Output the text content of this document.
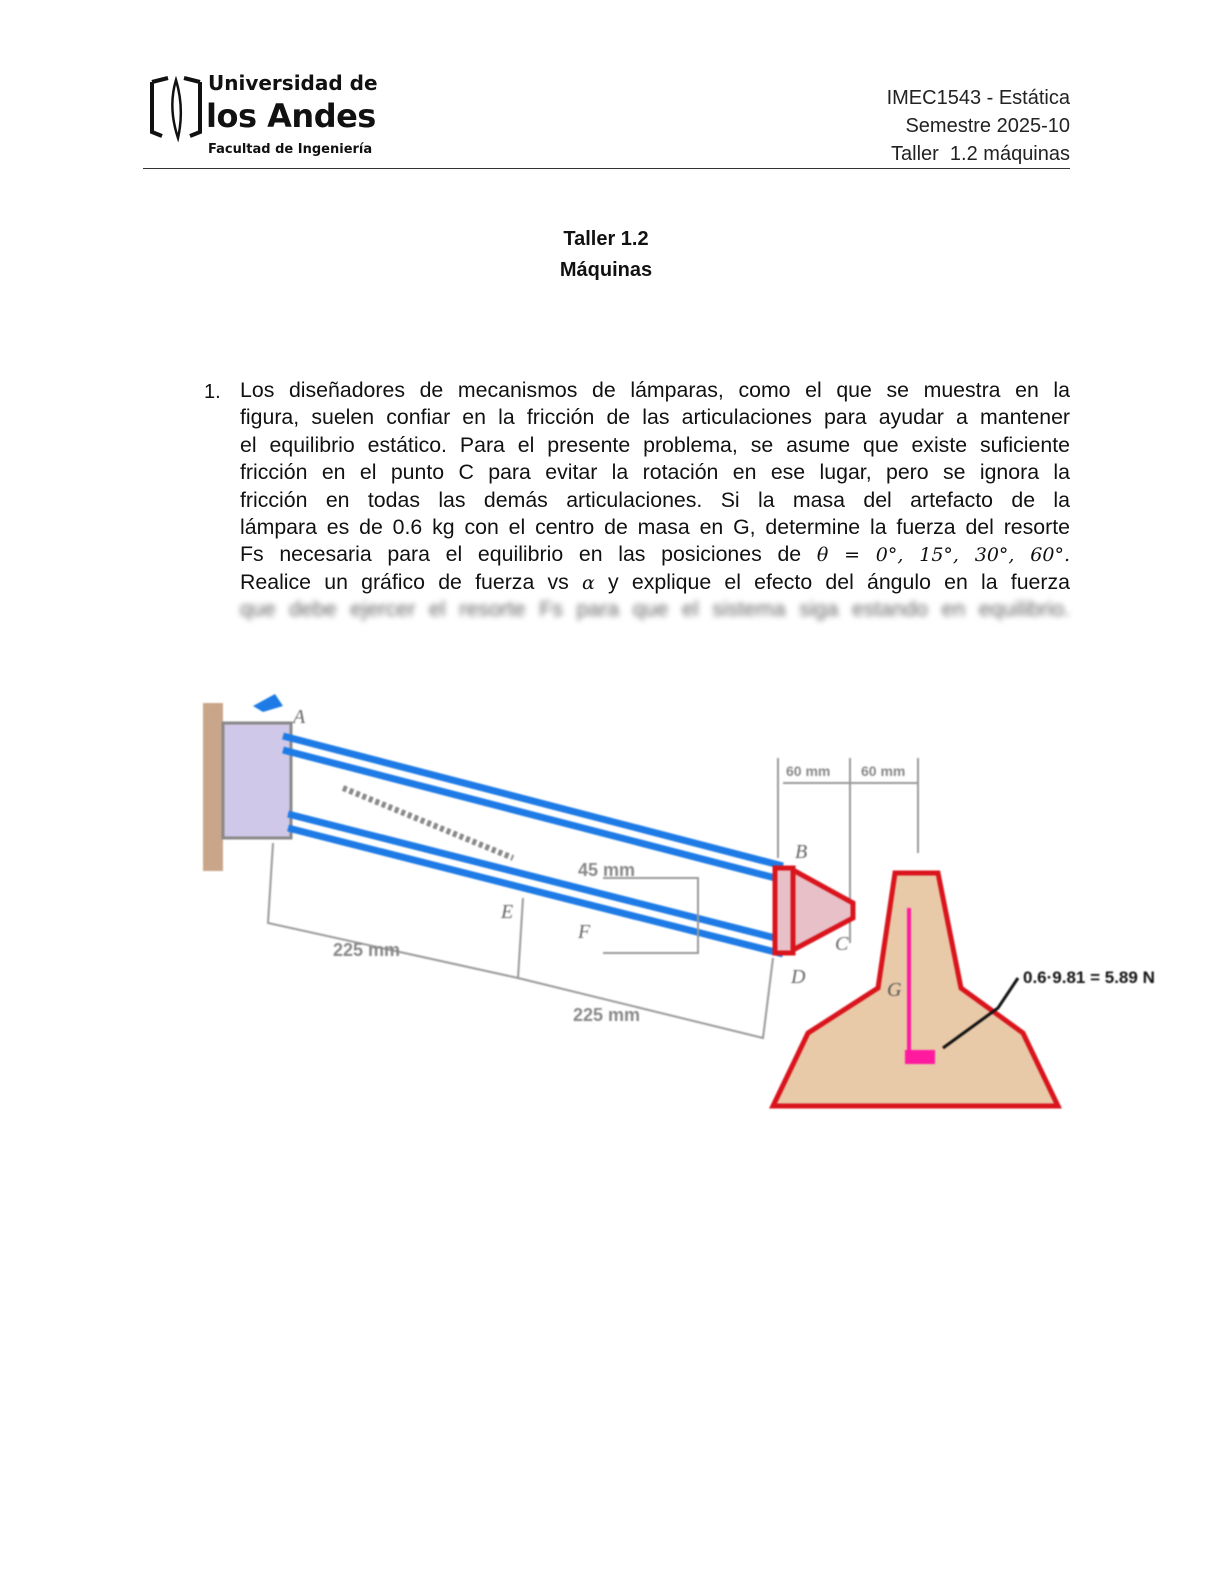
Universidad de
los Andes
Facultad de Ingeniería
IMEC1543 - Estática
Semestre 2025-10
Taller  1.2 máquinas
Taller 1.2
Máquinas
1. Los diseñadores de mecanismos de lámparas, como el que se muestra en la
figura, suelen confiar en la fricción de las articulaciones para ayudar a mantener
el equilibrio estático. Para el presente problema, se asume que existe suficiente
fricción en el punto C para evitar la rotación en ese lugar, pero se ignora la
fricción en todas las demás articulaciones. Si la masa del artefacto de la
lámpara es de 0.6 kg con el centro de masa en G, determine la fuerza del resorte
Fs necesaria para el equilibrio en las posiciones de θ = 0°, 15°, 30°, 60°.
Realice un gráfico de fuerza vs α y explique el efecto del ángulo en la fuerza
que debe ejercer el resorte Fs para que el sistema siga estando en equilibrio.
A
B
C
D
E
F
G
225 mm
225 mm
45 mm
60 mm 60 mm
0.6·9.81 = 5.89 N
